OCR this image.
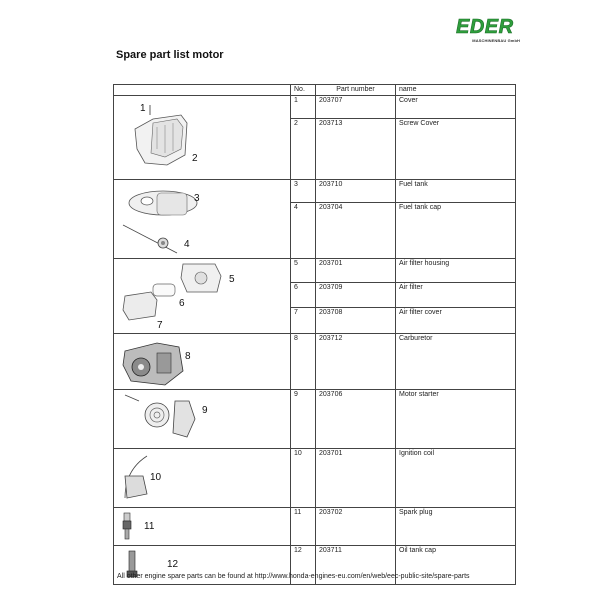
EDER
MASCHINENBAU GmbH
Spare part list motor
	No.	Part number	name

1
2	1	203707	Cover
	2	203713	Screw Cover

3
4	3	203710	Fuel tank
	4	203704	Fuel tank cap

5
6
7	5	203701	Air filter housing
	6	203709	Air filter
	7	203708	Air filter cover

8	8	203712	Carburetor

9	9	203706	Motor starter

10	10	203701	Ignition coil

11	11	203702	Spark plug

12	12	203711	Oil tank cap
All other engine spare parts can be found at http://www.honda-engines-eu.com/en/web/eec-public-site/spare-parts
